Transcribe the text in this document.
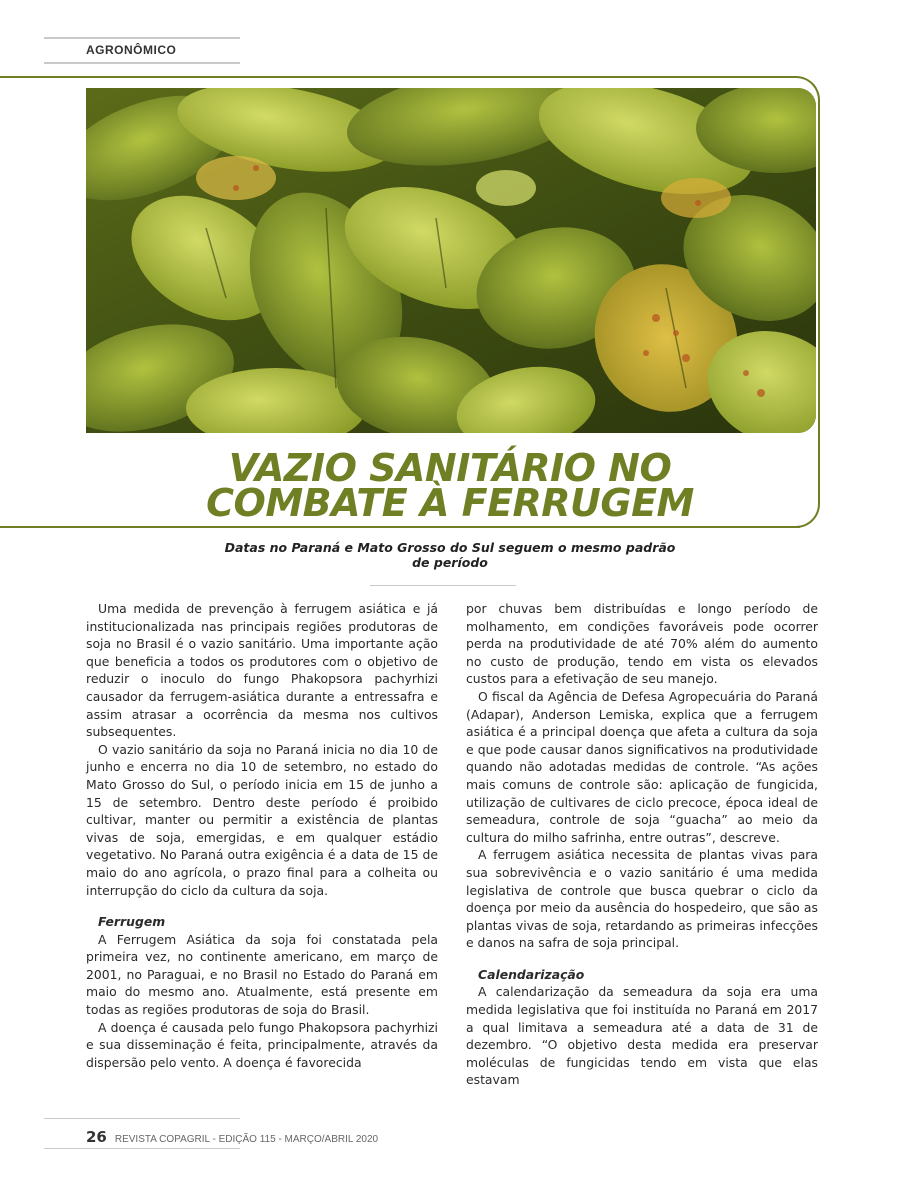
AGRONÔMICO
VAZIO SANITÁRIO NO
COMBATE À FERRUGEM
Datas no Paraná e Mato Grosso do Sul seguem o mesmo padrão de período

Uma medida de prevenção à ferrugem asiática e já institucionalizada nas principais regiões produtoras de soja no Brasil é o vazio sanitário. Uma importante ação que beneficia a todos os produtores com o objetivo de reduzir o inoculo do fungo Phakopsora pachyrhizi causador da ferrugem-asiática durante a entressafra e assim atrasar a ocorrência da mesma nos cultivos subsequentes.

O vazio sanitário da soja no Paraná inicia no dia 10 de junho e encerra no dia 10 de setembro, no estado do Mato Grosso do Sul, o período inicia em 15 de junho a 15 de setembro. Dentro deste período é proibido cultivar, manter ou permitir a existência de plantas vivas de soja, emergidas, e em qualquer estádio vegetativo. No Paraná outra exigência é a data de 15 de maio do ano agrícola, o prazo final para a colheita ou interrupção do ciclo da cultura da soja.

Ferrugem

A Ferrugem Asiática da soja foi constatada pela primeira vez, no continente americano, em março de 2001, no Paraguai, e no Brasil no Estado do Paraná em maio do mesmo ano. Atualmente, está presente em todas as regiões produtoras de soja do Brasil.

A doença é causada pelo fungo Phakopsora pachyrhizi e sua disseminação é feita, principalmente, através da dispersão pelo vento. A doença é favorecida

por chuvas bem distribuídas e longo período de molhamento, em condições favoráveis pode ocorrer perda na produtividade de até 70% além do aumento no custo de produção, tendo em vista os elevados custos para a efetivação de seu manejo.

O fiscal da Agência de Defesa Agropecuária do Paraná (Adapar), Anderson Lemiska, explica que a ferrugem asiática é a principal doença que afeta a cultura da soja e que pode causar danos significativos na produtividade quando não adotadas medidas de controle. “As ações mais comuns de controle são: aplicação de fungicida, utilização de cultivares de ciclo precoce, época ideal de semeadura, controle de soja “guacha” ao meio da cultura do milho safrinha, entre outras”, descreve.

A ferrugem asiática necessita de plantas vivas para sua sobrevivência e o vazio sanitário é uma medida legislativa de controle que busca quebrar o ciclo da doença por meio da ausência do hospedeiro, que são as plantas vivas de soja, retardando as primeiras infecções e danos na safra de soja principal.

Calendarização

A calendarização da semeadura da soja era uma medida legislativa que foi instituída no Paraná em 2017 a qual limitava a semeadura até a data de 31 de dezembro. “O objetivo desta medida era preservar moléculas de fungicidas tendo em vista que elas estavam

26 REVISTA COPAGRIL - EDIÇÃO 115 - MARÇO/ABRIL 2020
